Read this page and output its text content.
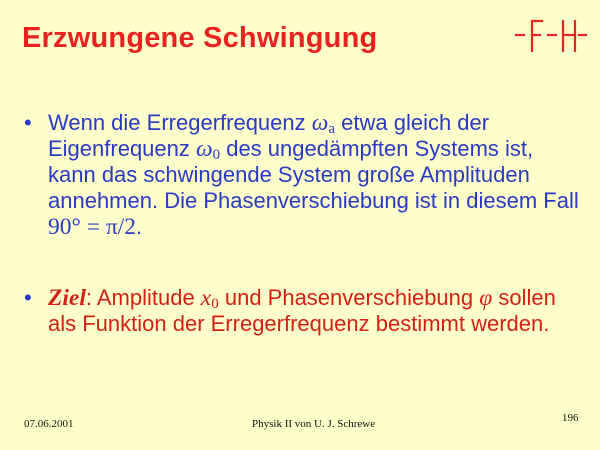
Erzwungene Schwingung
• Wenn die Erregerfrequenz $\omega_a$ etwa gleich der Eigenfrequenz $\omega_0$ des ungedämpften Systems ist, kann das schwingende System große Amplituden annehmen. Die Phasenverschiebung ist in diesem Fall 90° = π/2.
• Ziel: Amplitude $x_0$ und Phasenverschiebung φ sollen als Funktion der Erregerfrequenz bestimmt werden.
07.06.2001	Physik II von U. J. Schrewe	196
